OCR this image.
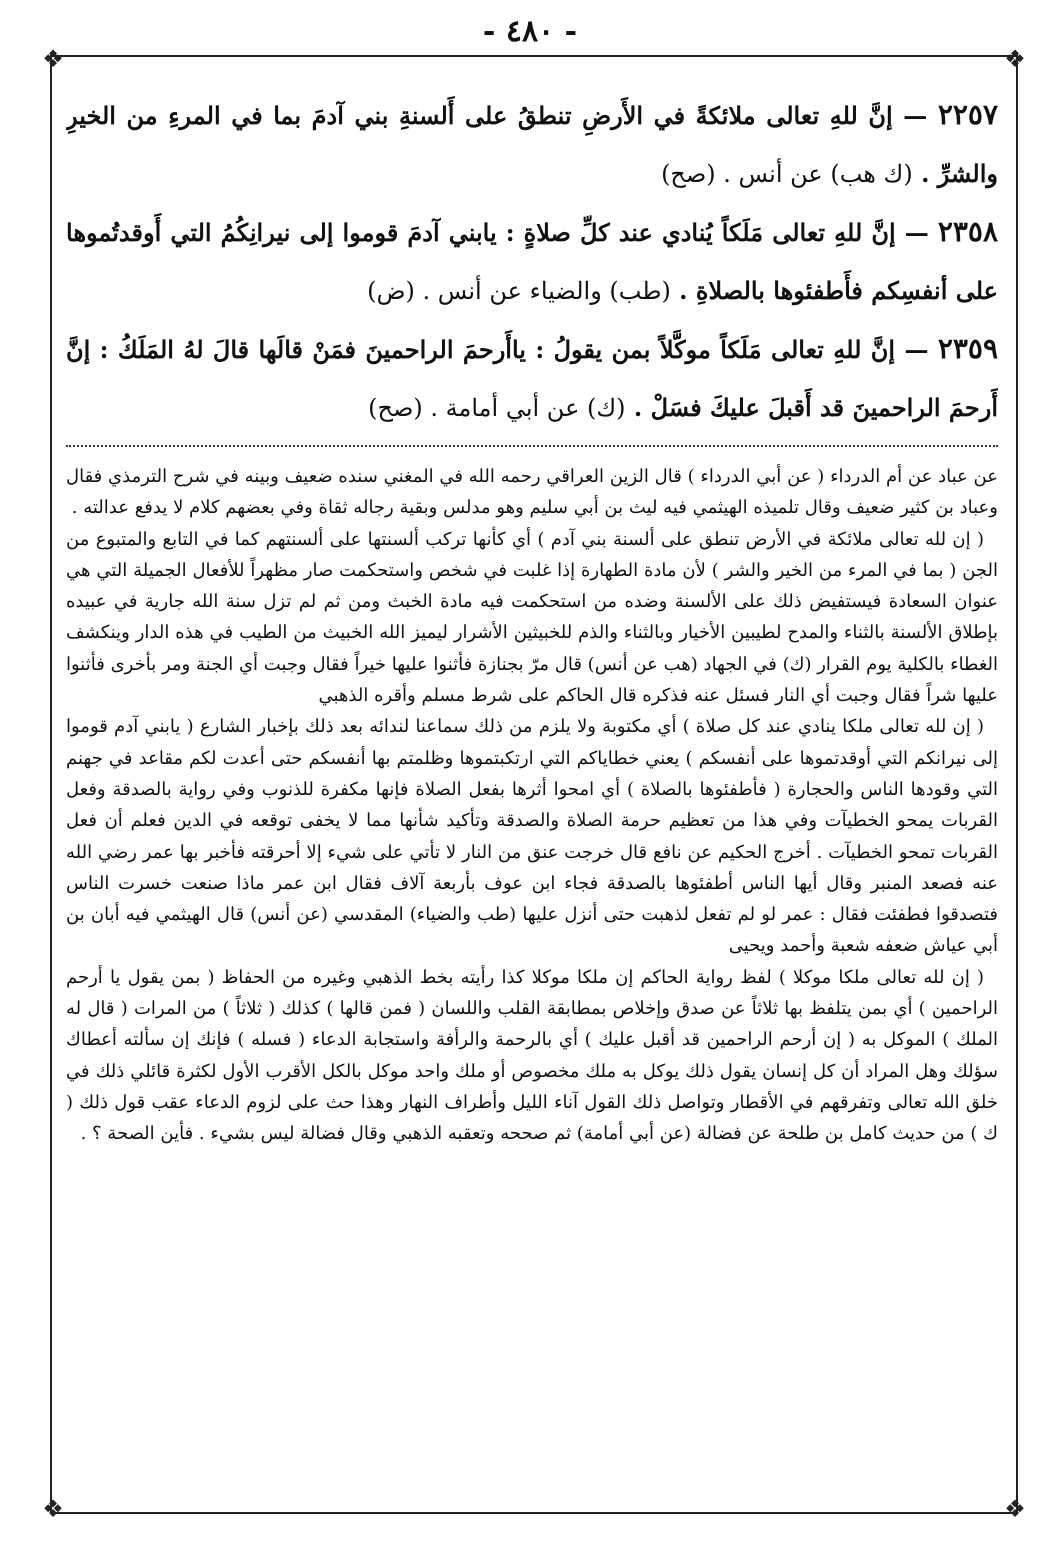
- ٤٨٠ -
❖	❖
❖	❖

٢٢٥٧ — إنَّ للهِ تعالى ملائكةً في الأَرضِ تنطقُ على أَلسنةِ بني آدمَ بما في المرءِ من الخيرِ والشرِّ . (ك هب) عن أنس . (صح)

٢٣٥٨ — إنَّ للهِ تعالى مَلَكاً يُنادي عند كلِّ صلاةٍ : يابني آدمَ قوموا إلى نيرانِكُمُ التي أَوقدتُموها على أنفسِكم فأَطفئوها بالصلاةِ . (طب) والضياء عن أنس . (ض)

٢٣٥٩ — إنَّ للهِ تعالى مَلَكاً موكَّلاً بمن يقولُ : ياأَرحمَ الراحمينَ فمَنْ قالَها قالَ لهُ المَلَكُ : إنَّ أَرحمَ الراحمينَ قد أَقبلَ عليكَ فسَلْ . (ك) عن أبي أمامة . (صح)

عن عباد عن أم الدرداء ( عن أبي الدرداء ) قال الزين العراقي رحمه الله في المغني سنده ضعيف وبينه في شرح الترمذي فقال وعباد بن كثير ضعيف وقال تلميذه الهيثمي فيه ليث بن أبي سليم وهو مدلس وبقية رجاله ثقاة وفي بعضهم كلام لا يدفع عدالته .

( إن لله تعالى ملائكة في الأرض تنطق على ألسنة بني آدم ) أي كأنها تركب ألسنتها على ألسنتهم كما في التابع والمتبوع من الجن ( بما في المرء من الخير والشر ) لأن مادة الطهارة إذا غلبت في شخص واستحكمت صار مظهراً للأفعال الجميلة التي هي عنوان السعادة فيستفيض ذلك على الألسنة وضده من استحكمت فيه مادة الخبث ومن ثم لم تزل سنة الله جارية في عبيده بإطلاق الألسنة بالثناء والمدح لطيبين الأخيار وبالثناء والذم للخبيثين الأشرار ليميز الله الخبيث من الطيب في هذه الدار وينكشف الغطاء بالكلية يوم القرار (ك) في الجهاد (هب عن أنس) قال مرّ بجنازة فأثنوا عليها خيراً فقال وجبت أي الجنة ومر بأخرى فأثنوا عليها شراً فقال وجبت أي النار فسئل عنه فذكره قال الحاكم على شرط مسلم وأقره الذهبي

( إن لله تعالى ملكا ينادي عند كل صلاة ) أي مكتوبة ولا يلزم من ذلك سماعنا لندائه بعد ذلك بإخبار الشارع ( يابني آدم قوموا إلى نيرانكم التي أوقدتموها على أنفسكم ) يعني خطاياكم التي ارتكبتموها وظلمتم بها أنفسكم حتى أعدت لكم مقاعد في جهنم التي وقودها الناس والحجارة ( فأطفئوها بالصلاة ) أي امحوا أثرها بفعل الصلاة فإنها مكفرة للذنوب وفي رواية بالصدقة وفعل القربات يمحو الخطيآت وفي هذا من تعظيم حرمة الصلاة والصدقة وتأكيد شأنها مما لا يخفى توقعه في الدين فعلم أن فعل القربات تمحو الخطيآت . أخرج الحكيم عن نافع قال خرجت عنق من النار لا تأتي على شيء إلا أحرقته فأخبر بها عمر رضي الله عنه فصعد المنبر وقال أيها الناس أطفئوها بالصدقة فجاء ابن عوف بأربعة آلاف فقال ابن عمر ماذا صنعت خسرت الناس فتصدقوا فطفئت فقال : عمر لو لم تفعل لذهبت حتى أنزل عليها (طب والضياء) المقدسي (عن أنس) قال الهيثمي فيه أبان بن أبي عياش ضعفه شعبة وأحمد ويحيى

( إن لله تعالى ملكا موكلا ) لفظ رواية الحاكم إن ملكا موكلا كذا رأيته بخط الذهبي وغيره من الحفاظ ( بمن يقول يا أرحم الراحمين ) أي بمن يتلفظ بها ثلاثاً عن صدق وإخلاص بمطابقة القلب واللسان ( فمن قالها ) كذلك ( ثلاثاً ) من المرات ( قال له الملك ) الموكل به ( إن أرحم الراحمين قد أقبل عليك ) أي بالرحمة والرأفة واستجابة الدعاء ( فسله ) فإنك إن سألته أعطاك سؤلك وهل المراد أن كل إنسان يقول ذلك يوكل به ملك مخصوص أو ملك واحد موكل بالكل الأقرب الأول لكثرة قائلي ذلك في خلق الله تعالى وتفرقهم في الأقطار وتواصل ذلك القول آناء الليل وأطراف النهار وهذا حث على لزوم الدعاء عقب قول ذلك ( ك ) من حديث كامل بن طلحة عن فضالة (عن أبي أمامة) ثم صححه وتعقبه الذهبي وقال فضالة ليس بشيء . فأين الصحة ؟ .
